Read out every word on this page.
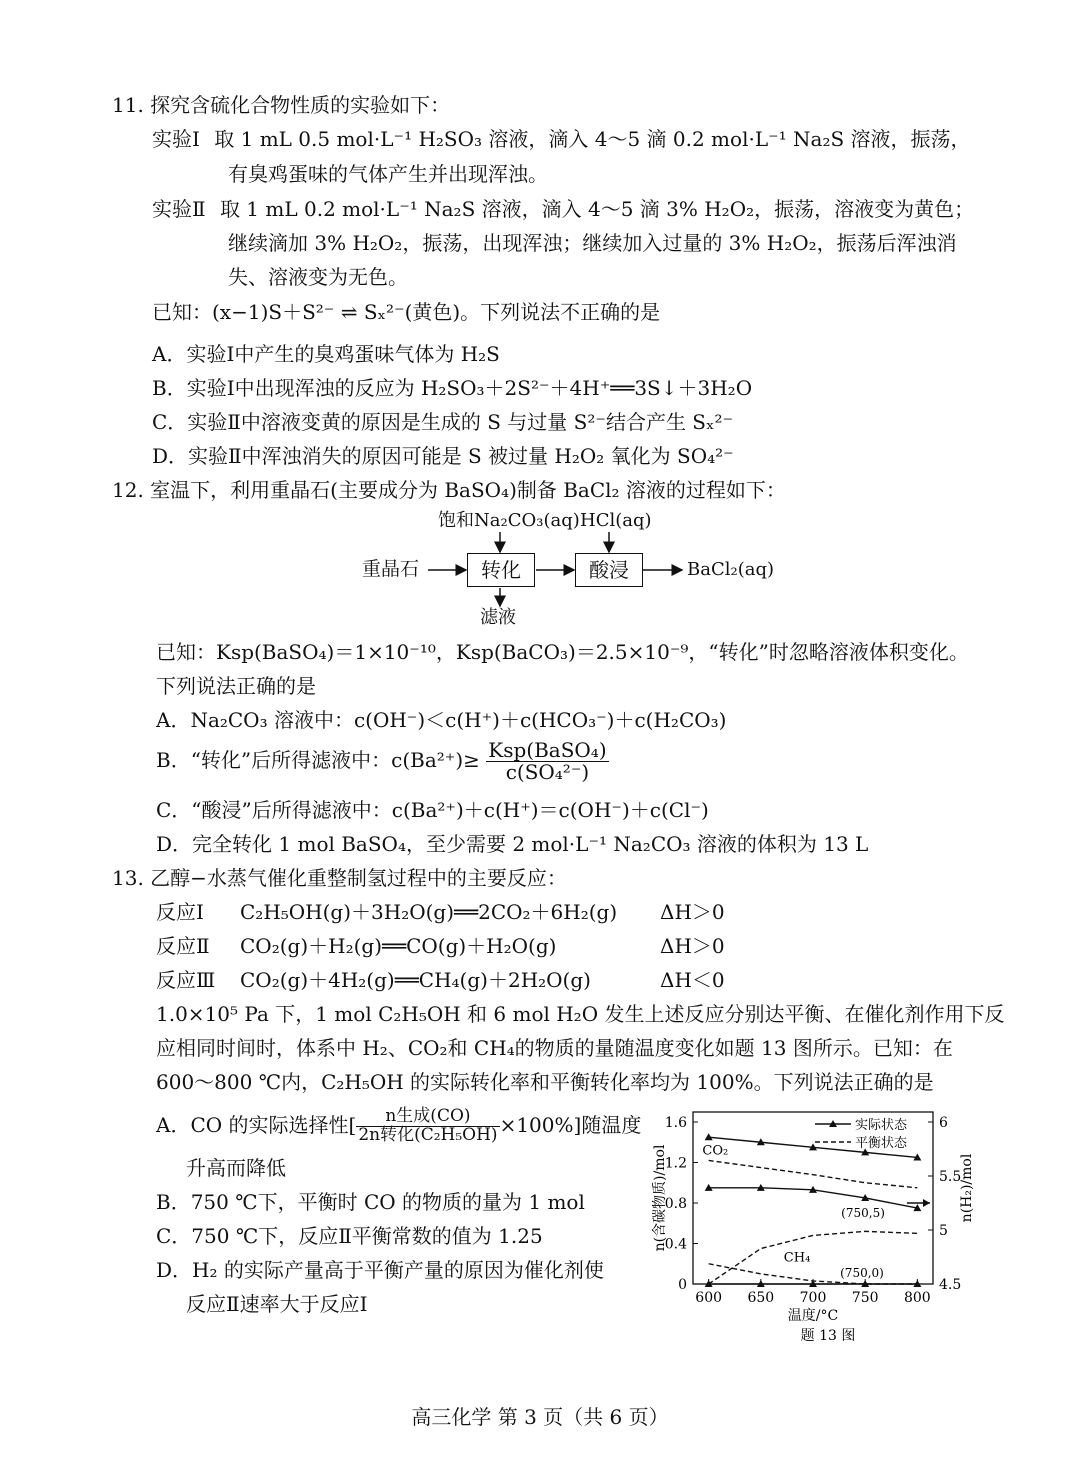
11. 探究含硫化合物性质的实验如下：
实验Ⅰ 取 1 mL 0.5 mol·L⁻¹ H₂SO₃ 溶液，滴入 4～5 滴 0.2 mol·L⁻¹ Na₂S 溶液，振荡，
有臭鸡蛋味的气体产生并出现浑浊。
实验Ⅱ 取 1 mL 0.2 mol·L⁻¹ Na₂S 溶液，滴入 4～5 滴 3% H₂O₂，振荡，溶液变为黄色；
继续滴加 3% H₂O₂，振荡，出现浑浊；继续加入过量的 3% H₂O₂，振荡后浑浊消
失、溶液变为无色。
已知：(x−1)S＋S²⁻ ⇌ Sₓ²⁻(黄色)。下列说法不正确的是
A．实验Ⅰ中产生的臭鸡蛋味气体为 H₂S
B．实验Ⅰ中出现浑浊的反应为 H₂SO₃＋2S²⁻＋4H⁺══3S↓＋3H₂O
C．实验Ⅱ中溶液变黄的原因是生成的 S 与过量 S²⁻结合产生 Sₓ²⁻
D．实验Ⅱ中浑浊消失的原因可能是 S 被过量 H₂O₂ 氧化为 SO₄²⁻
12. 室温下，利用重晶石(主要成分为 BaSO₄)制备 BaCl₂ 溶液的过程如下：
重晶石	转化	酸浸	BaCl₂(aq)
饱和Na₂CO₃(aq) HCl(aq)
滤液
已知：Ksp(BaSO₄)＝1×10⁻¹⁰，Ksp(BaCO₃)＝2.5×10⁻⁹，“转化”时忽略溶液体积变化。
下列说法正确的是
A．Na₂CO₃ 溶液中：c(OH⁻)＜c(H⁺)＋c(HCO₃⁻)＋c(H₂CO₃)
B．“转化”后所得滤液中：$c(Ba^{2+})\ge \frac{\text{Ksp(BaSO₄)}}{\text{c(SO₄²⁻)}}$
C．“酸浸”后所得滤液中：c(Ba²⁺)＋c(H⁺)＝c(OH⁻)＋c(Cl⁻)
D．完全转化 1 mol BaSO₄，至少需要 2 mol·L⁻¹ Na₂CO₃ 溶液的体积为 13 L
13. 乙醇−水蒸气催化重整制氢过程中的主要反应：
反应Ⅰ C₂H₅OH(g)＋3H₂O(g)══2CO₂＋6H₂(g) ΔH＞0
反应Ⅱ CO₂(g)＋H₂(g)══CO(g)＋H₂O(g)	ΔH＞0
反应Ⅲ CO₂(g)＋4H₂(g)══CH₄(g)＋2H₂O(g)	ΔH＜0
1.0×10⁵ Pa 下，1 mol C₂H₅OH 和 6 mol H₂O 发生上述反应分别达平衡、在催化剂作用下反
应相同时间时，体系中 H₂、CO₂和 CH₄的物质的量随温度变化如题 13 图所示。已知：在
600～800 ℃内，C₂H₅OH 的实际转化率和平衡转化率均为 100%。下列说法正确的是
A．CO 的实际选择性[ $\frac{\text{n生成(CO)}}{\text{2n转化(C₂H₅OH)}} \times 100\%$]随温度
升高而降低
B．750 ℃下，平衡时 CO 的物质的量为 1 mol
C．750 ℃下，反应Ⅱ平衡常数的值为 1.25
D．H₂ 的实际产量高于平衡产量的原因为催化剂使
反应Ⅱ速率大于反应Ⅰ	600 650 700 750 800
0
0.4
0.8
1.2
1.6
4.5
5
5.5
6
温度/°C
题 13 图
n(含碳物质)/mol	n(H₂)/mol
实际状态
平衡状态
CO₂
CH₄
(750,5)
(750,0)
高三化学 第 3 页（共 6 页）
